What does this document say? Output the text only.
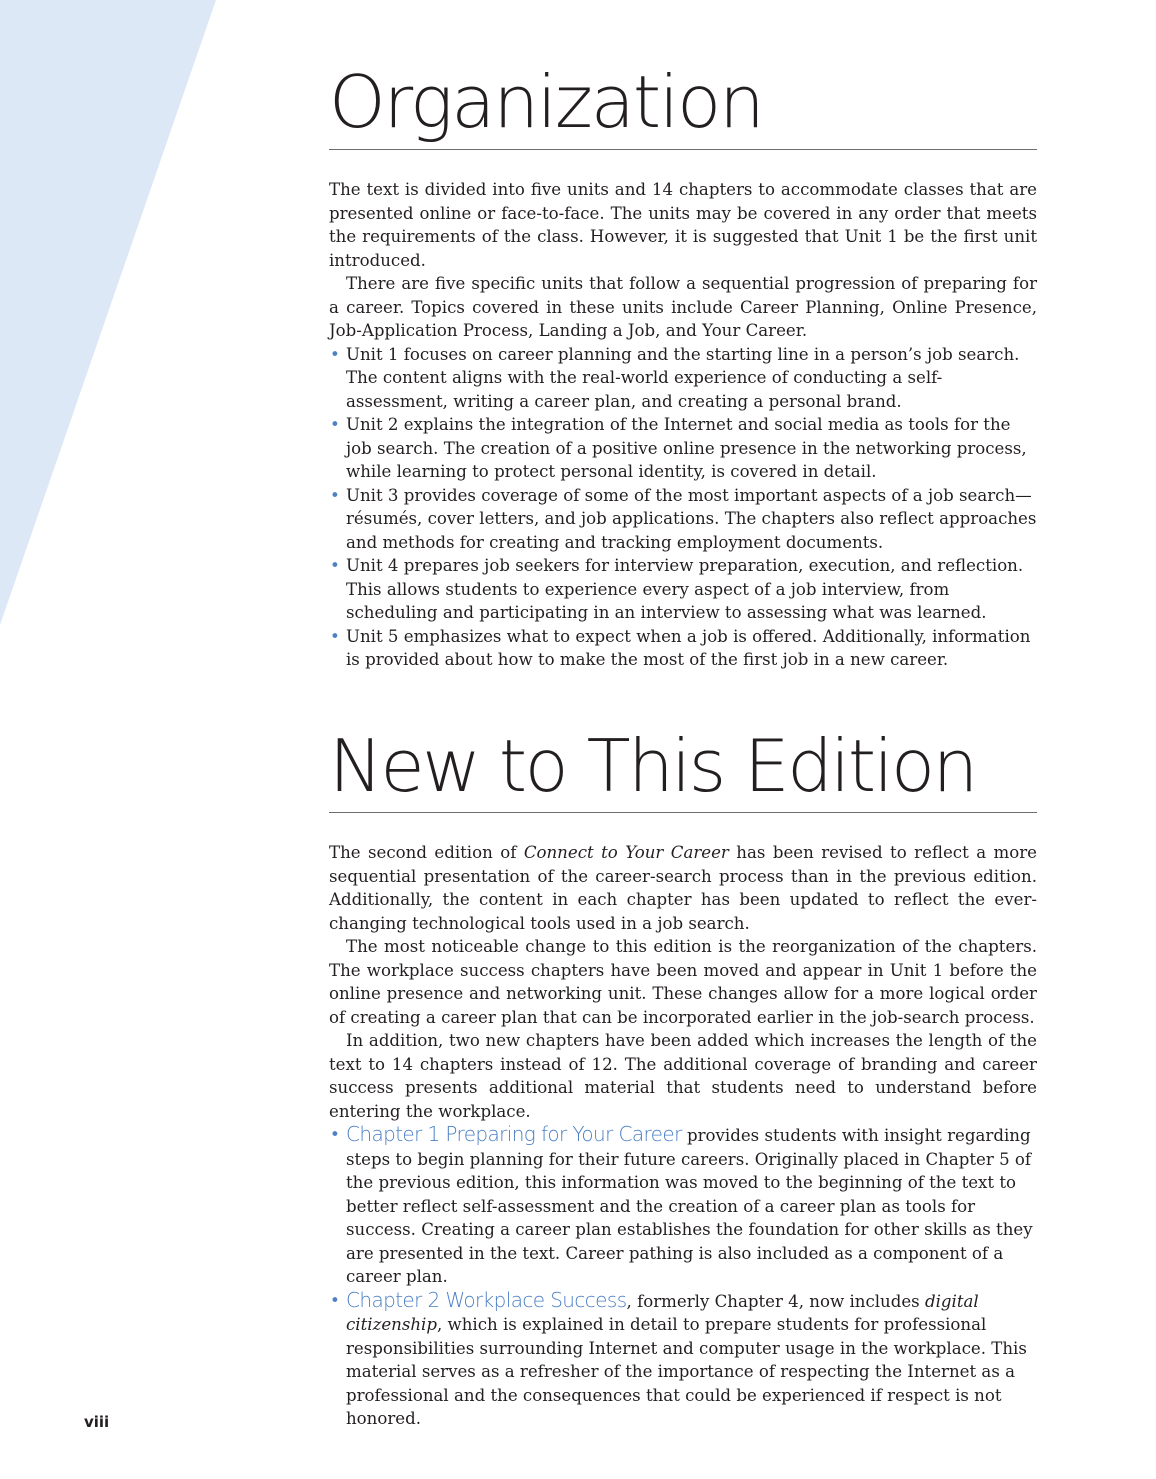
Organization

The text is divided into five units and 14 chapters to accommodate classes that are presented online or face-to-face. The units may be covered in any order that meets the requirements of the class. However, it is suggested that Unit 1 be the first unit introduced.

There are five specific units that follow a sequential progression of preparing for a career. Topics covered in these units include Career Planning, Online Presence, Job-Application Process, Landing a Job, and Your Career.

• Unit 1 focuses on career planning and the starting line in a person’s job search. The content aligns with the real-world experience of conducting a self-assessment, writing a career plan, and creating a personal brand.
• Unit 2 explains the integration of the Internet and social media as tools for the job search. The creation of a positive online presence in the networking process, while learning to protect personal identity, is covered in detail.
• Unit 3 provides coverage of some of the most important aspects of a job search—résumés, cover letters, and job applications. The chapters also reflect approaches and methods for creating and tracking employment documents.
• Unit 4 prepares job seekers for interview preparation, execution, and reflection. This allows students to experience every aspect of a job interview, from scheduling and participating in an interview to assessing what was learned.
• Unit 5 emphasizes what to expect when a job is offered. Additionally, information is provided about how to make the most of the first job in a new career.
New to This Edition

The second edition of Connect to Your Career has been revised to reflect a more sequential presentation of the career-search process than in the previous edition. Additionally, the content in each chapter has been updated to reflect the ever-changing technological tools used in a job search.

The most noticeable change to this edition is the reorganization of the chapters. The workplace success chapters have been moved and appear in Unit 1 before the online presence and networking unit. These changes allow for a more logical order of creating a career plan that can be incorporated earlier in the job-search process.

In addition, two new chapters have been added which increases the length of the text to 14 chapters instead of 12. The additional coverage of branding and career success presents additional material that students need to understand before entering the workplace.

• Chapter 1 Preparing for Your Career provides students with insight regarding steps to begin planning for their future careers. Originally placed in Chapter 5 of the previous edition, this information was moved to the beginning of the text to better reflect self-assessment and the creation of a career plan as tools for success. Creating a career plan establishes the foundation for other skills as they are presented in the text. Career pathing is also included as a component of a career plan.
• Chapter 2 Workplace Success, formerly Chapter 4, now includes digital citizenship, which is explained in detail to prepare students for professional responsibilities surrounding Internet and computer usage in the workplace. This material serves as a refresher of the importance of respecting the Internet as a professional and the consequences that could be experienced if respect is not honored.
viii
